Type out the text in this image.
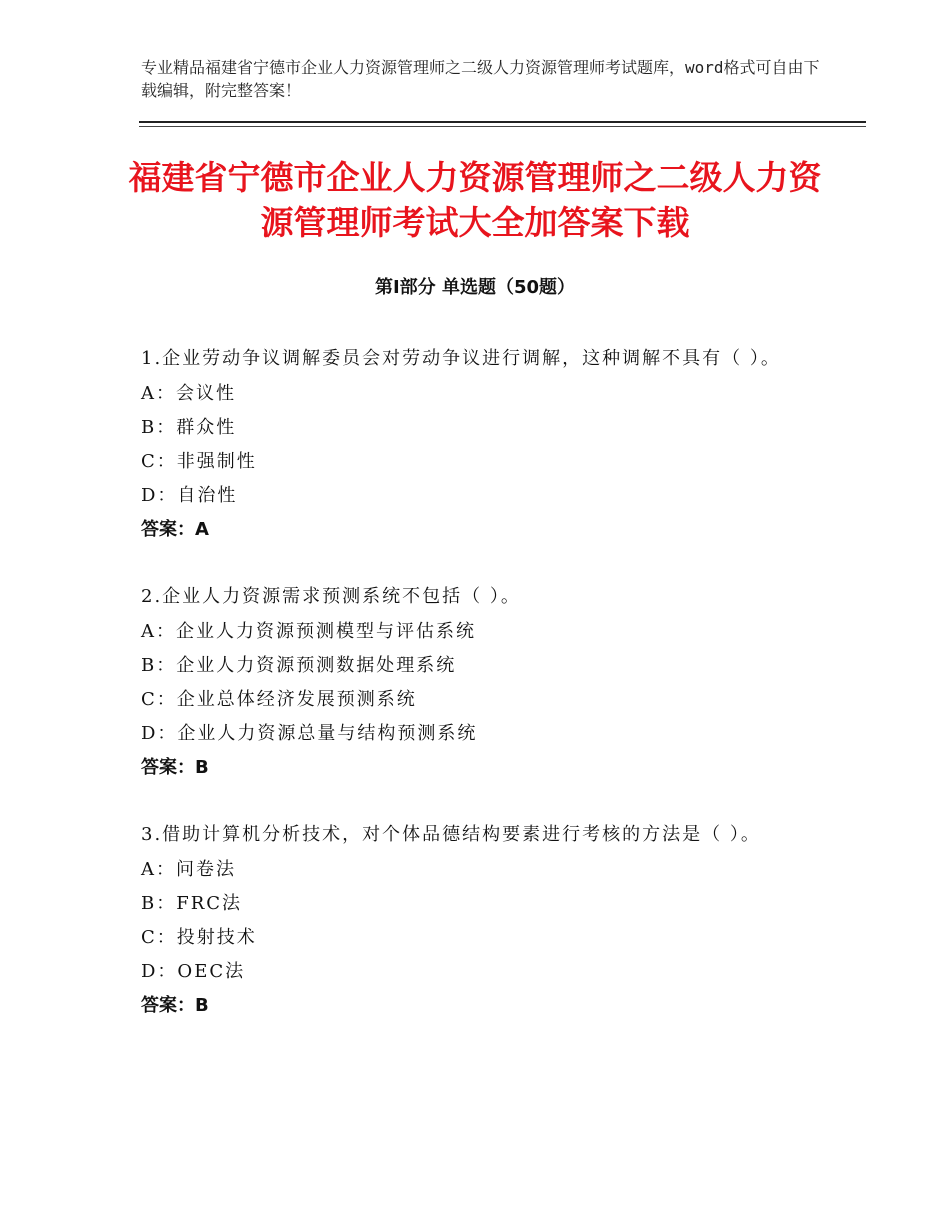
专业精品福建省宁德市企业人力资源管理师之二级人力资源管理师考试题库，word格式可自由下载编辑，附完整答案！
福建省宁德市企业人力资源管理师之二级人力资源管理师考试大全加答案下载
第Ⅰ部分 单选题（50题）

1.企业劳动争议调解委员会对劳动争议进行调解，这种调解不具有（ ）。

A：会议性

B：群众性

C：非强制性

D：自治性

答案：A

2.企业人力资源需求预测系统不包括（ ）。

A：企业人力资源预测模型与评估系统

B：企业人力资源预测数据处理系统

C：企业总体经济发展预测系统

D：企业人力资源总量与结构预测系统

答案：B

3.借助计算机分析技术，对个体品德结构要素进行考核的方法是（ ）。

A：问卷法

B：FRC法

C：投射技术

D：OEC法

答案：B
